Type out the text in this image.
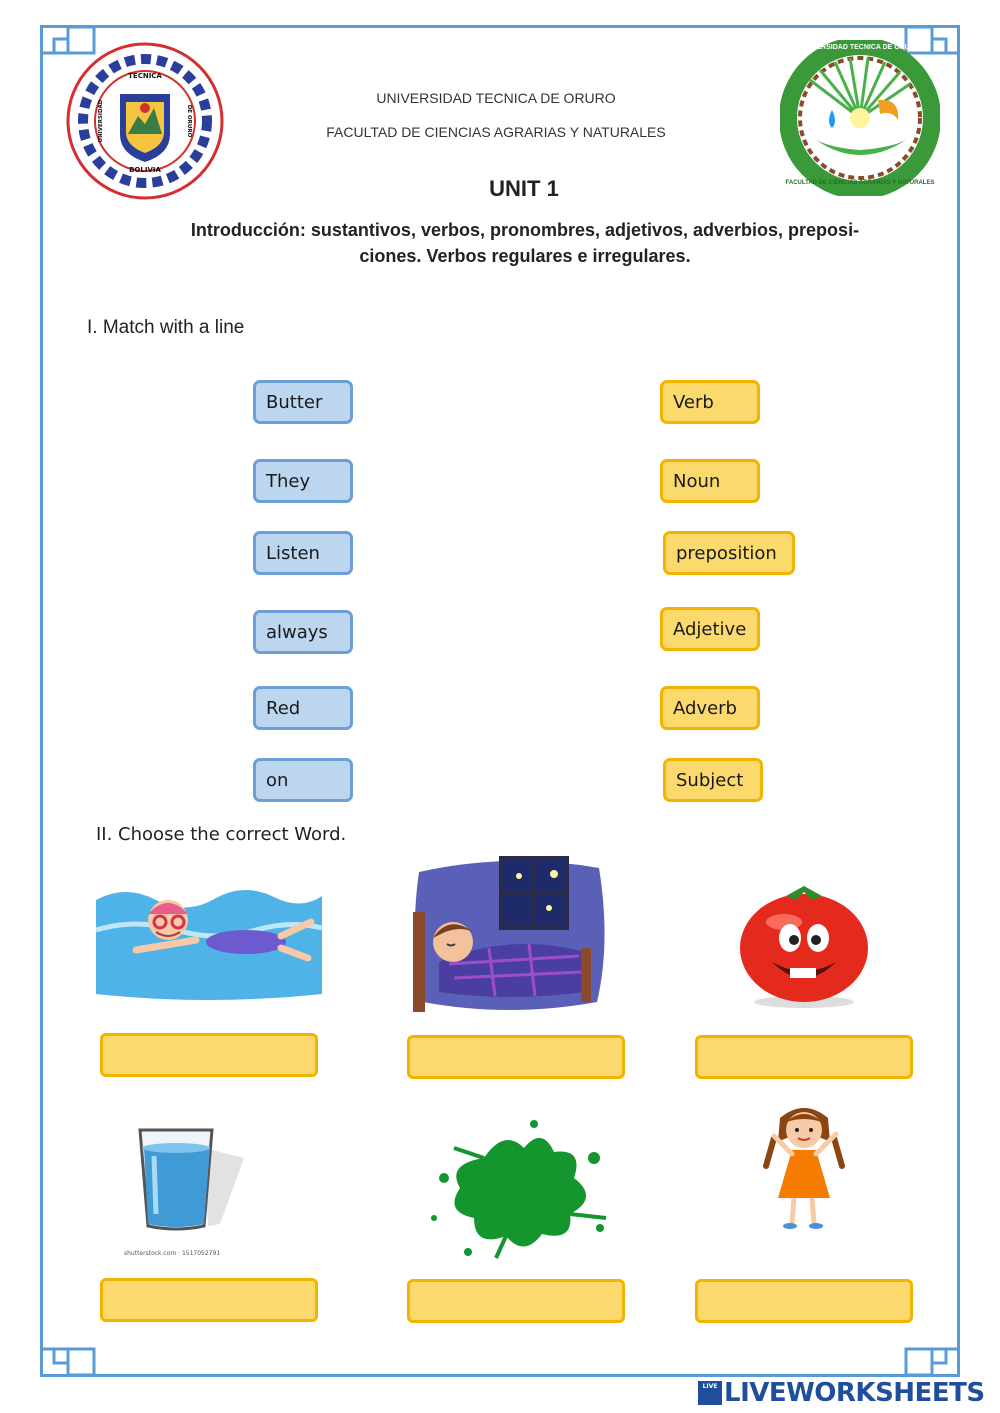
TECNICA
BOLIVIA
UNIVERSIDAD	DE ORURO
UNIVERSIDAD TECNICA DE ORURO
FACULTAD DE CIENCIAS AGRARIAS Y NATURALES
UNIVERSIDAD TECNICA DE ORURO
FACULTAD DE CIENCIAS AGRARIAS Y NATURALES
UNIT 1
Introducción: sustantivos, verbos, pronombres, adjetivos, adverbios, preposi-
ciones. Verbos regulares e irregulares.
I. Match with a line
Butter
They
Listen
always
Red
on
Verb
Noun
preposition
Adjetive
Adverb
Subject
II. Choose the correct Word.
shutterstock.com · 1517052791
LIVE LIVEWORKSHEETS
